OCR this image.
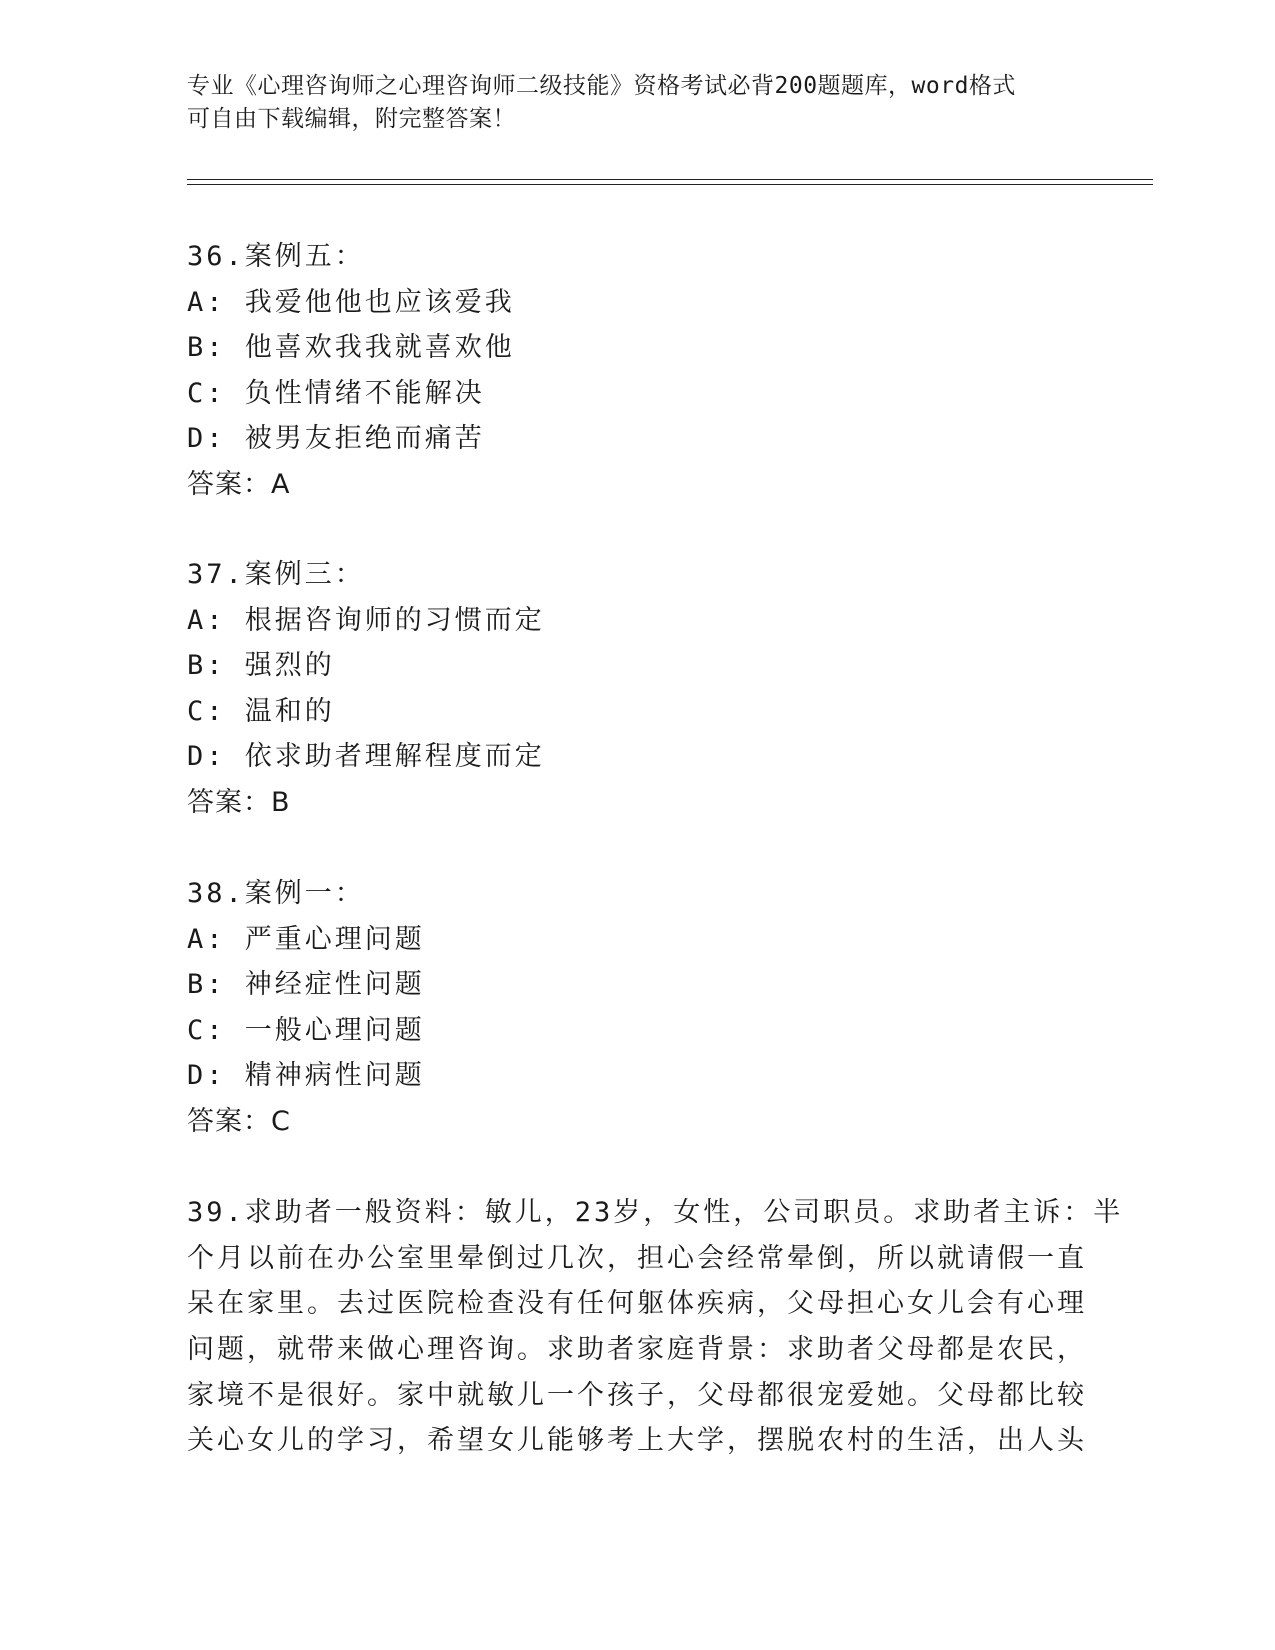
专业《心理咨询师之心理咨询师二级技能》资格考试必背200题题库，word格式
可自由下载编辑，附完整答案！
36.案例五：
A: 我爱他他也应该爱我
B: 他喜欢我我就喜欢他
C: 负性情绪不能解决
D: 被男友拒绝而痛苦
答案：A
37.案例三：
A: 根据咨询师的习惯而定
B: 强烈的
C: 温和的
D: 依求助者理解程度而定
答案：B
38.案例一：
A: 严重心理问题
B: 神经症性问题
C: 一般心理问题
D: 精神病性问题
答案：C
39.求助者一般资料：敏儿，23岁，女性，公司职员。求助者主诉：半
个月以前在办公室里晕倒过几次，担心会经常晕倒，所以就请假一直
呆在家里。去过医院检查没有任何躯体疾病，父母担心女儿会有心理
问题，就带来做心理咨询。求助者家庭背景：求助者父母都是农民，
家境不是很好。家中就敏儿一个孩子，父母都很宠爱她。父母都比较
关心女儿的学习，希望女儿能够考上大学，摆脱农村的生活，出人头
